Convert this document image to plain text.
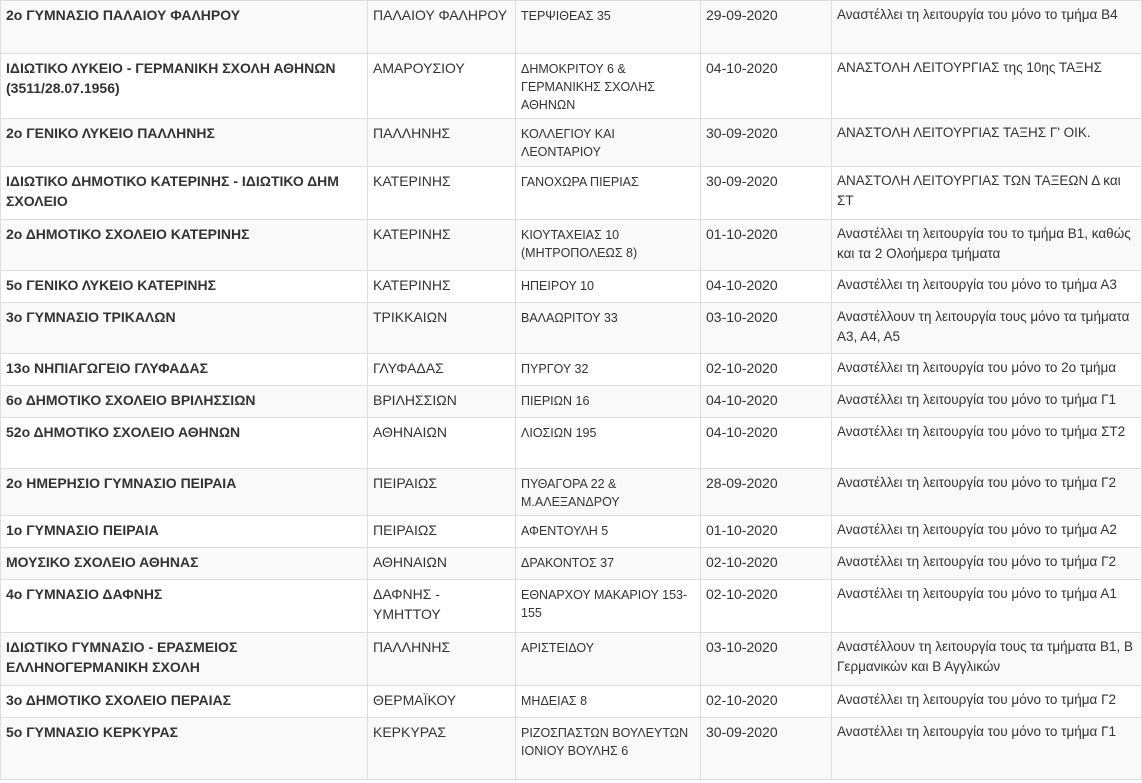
2ο ΓΥΜΝΑΣΙΟ ΠΑΛΑΙΟΥ ΦΑΛΗΡΟΥ	ΠΑΛΑΙΟΥ ΦΑΛΗΡΟΥ	ΤΕΡΨΙΘΕΑΣ 35	29-09-2020	Αναστέλλει τη λειτουργία του μόνο το τμήμα Β4
ΙΔΙΩΤΙΚΟ ΛΥΚΕΙΟ - ΓΕΡΜΑΝΙΚΗ ΣΧΟΛΗ ΑΘΗΝΩΝ (3511/28.07.1956)	ΑΜΑΡΟΥΣΙΟΥ	ΔΗΜΟΚΡΙΤΟΥ 6 & ΓΕΡΜΑΝΙΚΗΣ ΣΧΟΛΗΣ ΑΘΗΝΩΝ	04-10-2020	ΑΝΑΣΤΟΛΗ ΛΕΙΤΟΥΡΓΙΑΣ της 10ης ΤΑΞΗΣ
2ο ΓΕΝΙΚΟ ΛΥΚΕΙΟ ΠΑΛΛΗΝΗΣ	ΠΑΛΛΗΝΗΣ	ΚΟΛΛΕΓΙΟΥ ΚΑΙ ΛΕΟΝΤΑΡΙΟΥ	30-09-2020	ΑΝΑΣΤΟΛΗ ΛΕΙΤΟΥΡΓΙΑΣ ΤΑΞΗΣ Γ' ΟΙΚ.
ΙΔΙΩΤΙΚΟ ΔΗΜΟΤΙΚΟ ΚΑΤΕΡΙΝΗΣ - ΙΔΙΩΤΙΚΟ ΔΗΜ ΣΧΟΛΕΙΟ	ΚΑΤΕΡΙΝΗΣ	ΓΑΝΟΧΩΡΑ ΠΙΕΡΙΑΣ	30-09-2020	ΑΝΑΣΤΟΛΗ ΛΕΙΤΟΥΡΓΙΑΣ ΤΩΝ ΤΑΞΕΩΝ Δ και ΣΤ
2ο ΔΗΜΟΤΙΚΟ ΣΧΟΛΕΙΟ ΚΑΤΕΡΙΝΗΣ	ΚΑΤΕΡΙΝΗΣ	ΚΙΟΥΤΑΧΕΙΑΣ 10 (ΜΗΤΡΟΠΟΛΕΩΣ 8)	01-10-2020	Αναστέλλει τη λειτουργία του το τμήμα Β1, καθώς και τα 2 Ολοήμερα τμήματα
5ο ΓΕΝΙΚΟ ΛΥΚΕΙΟ ΚΑΤΕΡΙΝΗΣ	ΚΑΤΕΡΙΝΗΣ	ΗΠΕΙΡΟΥ 10	04-10-2020	Αναστέλλει τη λειτουργία του μόνο το τμήμα Α3
3ο ΓΥΜΝΑΣΙΟ ΤΡΙΚΑΛΩΝ	ΤΡΙΚΚΑΙΩΝ	ΒΑΛΑΩΡΙΤΟΥ 33	03-10-2020	Αναστέλλουν τη λειτουργία τους μόνο τα τμήματα Α3, Α4, Α5
13ο ΝΗΠΙΑΓΩΓΕΙΟ ΓΛΥΦΑΔΑΣ	ΓΛΥΦΑΔΑΣ	ΠΥΡΓΟΥ 32	02-10-2020	Αναστέλλει τη λειτουργία του μόνο το 2ο τμήμα
6ο ΔΗΜΟΤΙΚΟ ΣΧΟΛΕΙΟ ΒΡΙΛΗΣΣΙΩΝ	ΒΡΙΛΗΣΣΙΩΝ	ΠΙΕΡΙΩΝ 16	04-10-2020	Αναστέλλει τη λειτουργία του μόνο το τμήμα Γ1
52ο ΔΗΜΟΤΙΚΟ ΣΧΟΛΕΙΟ ΑΘΗΝΩΝ	ΑΘΗΝΑΙΩΝ	ΛΙΟΣΙΩΝ 195	04-10-2020	Αναστέλλει τη λειτουργία του μόνο το τμήμα ΣΤ2
2ο ΗΜΕΡΗΣΙΟ ΓΥΜΝΑΣΙΟ ΠΕΙΡΑΙΑ	ΠΕΙΡΑΙΩΣ	ΠΥΘΑΓΟΡΑ 22 & Μ.ΑΛΕΞΑΝΔΡΟΥ	28-09-2020	Αναστέλλει τη λειτουργία του μόνο το τμήμα Γ2
1ο ΓΥΜΝΑΣΙΟ ΠΕΙΡΑΙΑ	ΠΕΙΡΑΙΩΣ	ΑΦΕΝΤΟΥΛΗ 5	01-10-2020	Αναστέλλει τη λειτουργία του μόνο το τμήμα Α2
ΜΟΥΣΙΚΟ ΣΧΟΛΕΙΟ ΑΘΗΝΑΣ	ΑΘΗΝΑΙΩΝ	ΔΡΑΚΟΝΤΟΣ 37	02-10-2020	Αναστέλλει τη λειτουργία του μόνο το τμήμα Γ2
4ο ΓΥΜΝΑΣΙΟ ΔΑΦΝΗΣ	ΔΑΦΝΗΣ - ΥΜΗΤΤΟΥ	ΕΘΝΑΡΧΟΥ ΜΑΚΑΡΙΟΥ 153-155	02-10-2020	Αναστέλλει τη λειτουργία του μόνο το τμήμα Α1
ΙΔΙΩΤΙΚΟ ΓΥΜΝΑΣΙΟ - ΕΡΑΣΜΕΙΟΣ ΕΛΛΗΝΟΓΕΡΜΑΝΙΚΗ ΣΧΟΛΗ	ΠΑΛΛΗΝΗΣ	ΑΡΙΣΤΕΙΔΟΥ	03-10-2020	Αναστέλλουν τη λειτουργία τους τα τμήματα Β1, Β Γερμανικών και Β Αγγλικών
3ο ΔΗΜΟΤΙΚΟ ΣΧΟΛΕΙΟ ΠΕΡΑΙΑΣ	ΘΕΡΜΑΪΚΟΥ	ΜΗΔΕΙΑΣ 8	02-10-2020	Αναστέλλει τη λειτουργία του μόνο το τμήμα Γ2
5ο ΓΥΜΝΑΣΙΟ ΚΕΡΚΥΡΑΣ	ΚΕΡΚΥΡΑΣ	ΡΙΖΟΣΠΑΣΤΩΝ ΒΟΥΛΕΥΤΩΝ ΙΟΝΙΟΥ ΒΟΥΛΗΣ 6	30-09-2020	Αναστέλλει τη λειτουργία του μόνο το τμήμα Γ1
